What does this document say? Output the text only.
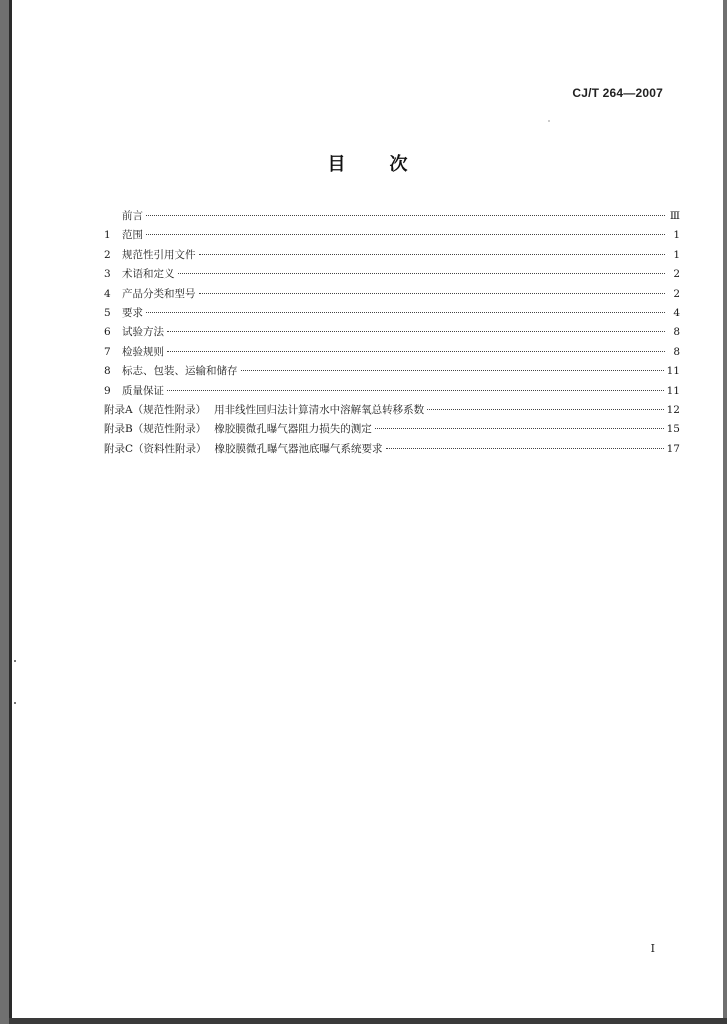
CJ/T 264—2007
目次
前言	Ⅲ
1	范围	1
2	规范性引用文件	1
3	术语和定义	2
4	产品分类和型号	2
5	要求	4
6	试验方法	8
7	检验规则	8
8	标志、包装、运输和储存	11
9	质量保证	11
附录A（规范性附录） 用非线性回归法计算清水中溶解氧总转移系数	12
附录B（规范性附录） 橡胶膜微孔曝气器阻力损失的测定	15
附录C（资料性附录） 橡胶膜微孔曝气器池底曝气系统要求	17
I
